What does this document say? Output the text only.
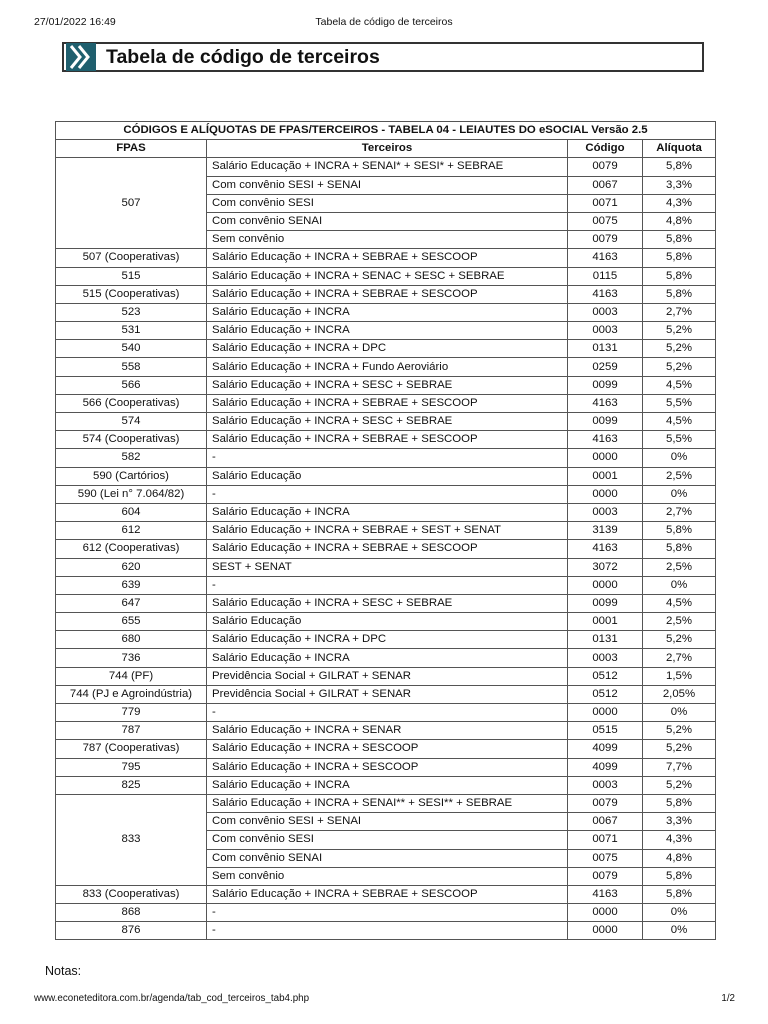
27/01/2022 16:49	Tabela de código de terceiros
Tabela de código de terceiros
CÓDIGOS E ALÍQUOTAS DE FPAS/TERCEIROS - TABELA 04 - LEIAUTES DO eSOCIAL Versão 2.5			
FPAS	Terceiros	Código	Alíquota
507	Salário Educação + INCRA + SENAI* + SESI* + SEBRAE	0079	5,8%
	Com convênio SESI + SENAI	0067	3,3%
	Com convênio SESI	0071	4,3%
	Com convênio SENAI	0075	4,8%
	Sem convênio	0079	5,8%
507 (Cooperativas)	Salário Educação + INCRA + SEBRAE + SESCOOP	4163	5,8%
515	Salário Educação + INCRA + SENAC + SESC + SEBRAE	0115	5,8%
515 (Cooperativas)	Salário Educação + INCRA + SEBRAE + SESCOOP	4163	5,8%
523	Salário Educação + INCRA	0003	2,7%
531	Salário Educação + INCRA	0003	5,2%
540	Salário Educação + INCRA + DPC	0131	5,2%
558	Salário Educação + INCRA + Fundo Aeroviário	0259	5,2%
566	Salário Educação + INCRA + SESC + SEBRAE	0099	4,5%
566 (Cooperativas)	Salário Educação + INCRA + SEBRAE + SESCOOP	4163	5,5%
574	Salário Educação + INCRA + SESC + SEBRAE	0099	4,5%
574 (Cooperativas)	Salário Educação + INCRA + SEBRAE + SESCOOP	4163	5,5%
582	-	0000	0%
590 (Cartórios)	Salário Educação	0001	2,5%
590 (Lei n° 7.064/82)	-	0000	0%
604	Salário Educação + INCRA	0003	2,7%
612	Salário Educação + INCRA + SEBRAE + SEST + SENAT	3139	5,8%
612 (Cooperativas)	Salário Educação + INCRA + SEBRAE + SESCOOP	4163	5,8%
620	SEST + SENAT	3072	2,5%
639	-	0000	0%
647	Salário Educação + INCRA + SESC + SEBRAE	0099	4,5%
655	Salário Educação	0001	2,5%
680	Salário Educação + INCRA + DPC	0131	5,2%
736	Salário Educação + INCRA	0003	2,7%
744 (PF)	Previdência Social + GILRAT + SENAR	0512	1,5%
744 (PJ e Agroindústria)	Previdência Social + GILRAT + SENAR	0512	2,05%
779	-	0000	0%
787	Salário Educação + INCRA + SENAR	0515	5,2%
787 (Cooperativas)	Salário Educação + INCRA + SESCOOP	4099	5,2%
795	Salário Educação + INCRA + SESCOOP	4099	7,7%
825	Salário Educação + INCRA	0003	5,2%
833	Salário Educação + INCRA + SENAI** + SESI** + SEBRAE	0079	5,8%
	Com convênio SESI + SENAI	0067	3,3%
	Com convênio SESI	0071	4,3%
	Com convênio SENAI	0075	4,8%
	Sem convênio	0079	5,8%
833 (Cooperativas)	Salário Educação + INCRA + SEBRAE + SESCOOP	4163	5,8%
868	-	0000	0%
876	-	0000	0%
Notas:
www.econeteditora.com.br/agenda/tab_cod_terceiros_tab4.php	1/2
